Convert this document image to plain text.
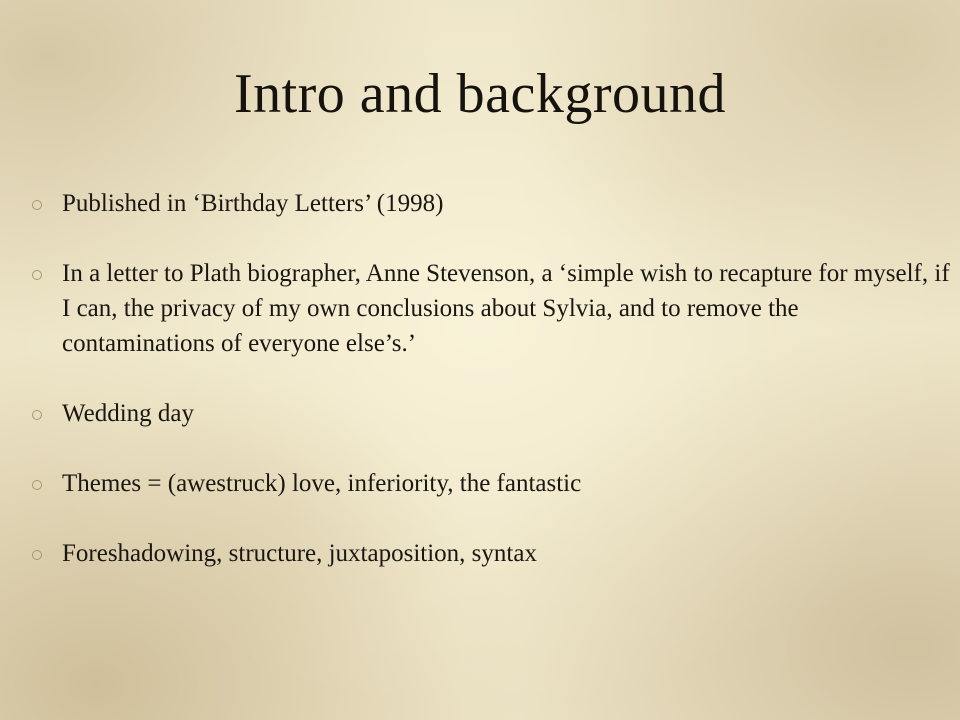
Intro and background
Published in ‘Birthday Letters’ (1998)
In a letter to Plath biographer, Anne Stevenson, a ‘simple wish to recapture for myself, if I can, the privacy of my own conclusions about Sylvia, and to remove the contaminations of everyone else’s.’
Wedding day
Themes = (awestruck) love, inferiority, the fantastic
Foreshadowing, structure, juxtaposition, syntax
